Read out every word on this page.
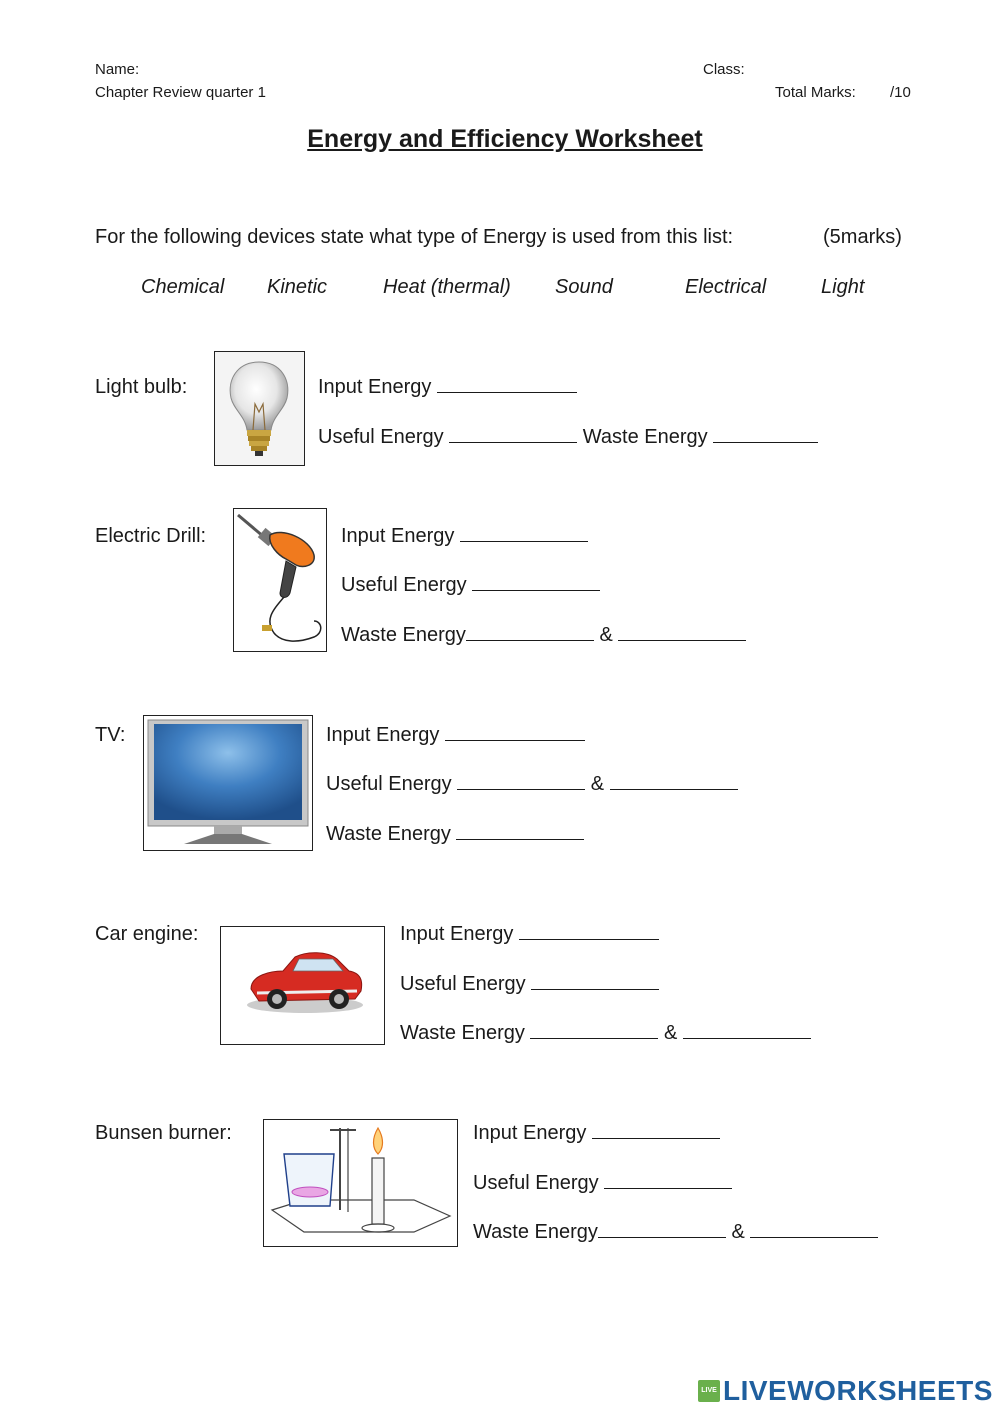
Name:	Class:
Chapter Review quarter 1	Total Marks: /10
Energy and Efficiency Worksheet
For the following devices state what type of Energy is used from this list:	(5marks)
Chemical Kinetic	Heat (thermal) Sound	Electrical	Light
Light bulb:	Input Energy
Useful Energy	Waste Energy
Electric Drill:	Input Energy
Useful Energy
Waste Energy	&
TV:	Input Energy
Useful Energy	&
Waste Energy
Car engine:	Input Energy
Useful Energy
Waste Energy	&
Bunsen burner:	Input Energy
Useful Energy
Waste Energy	&
LIVE LIVEWORKSHEETS
